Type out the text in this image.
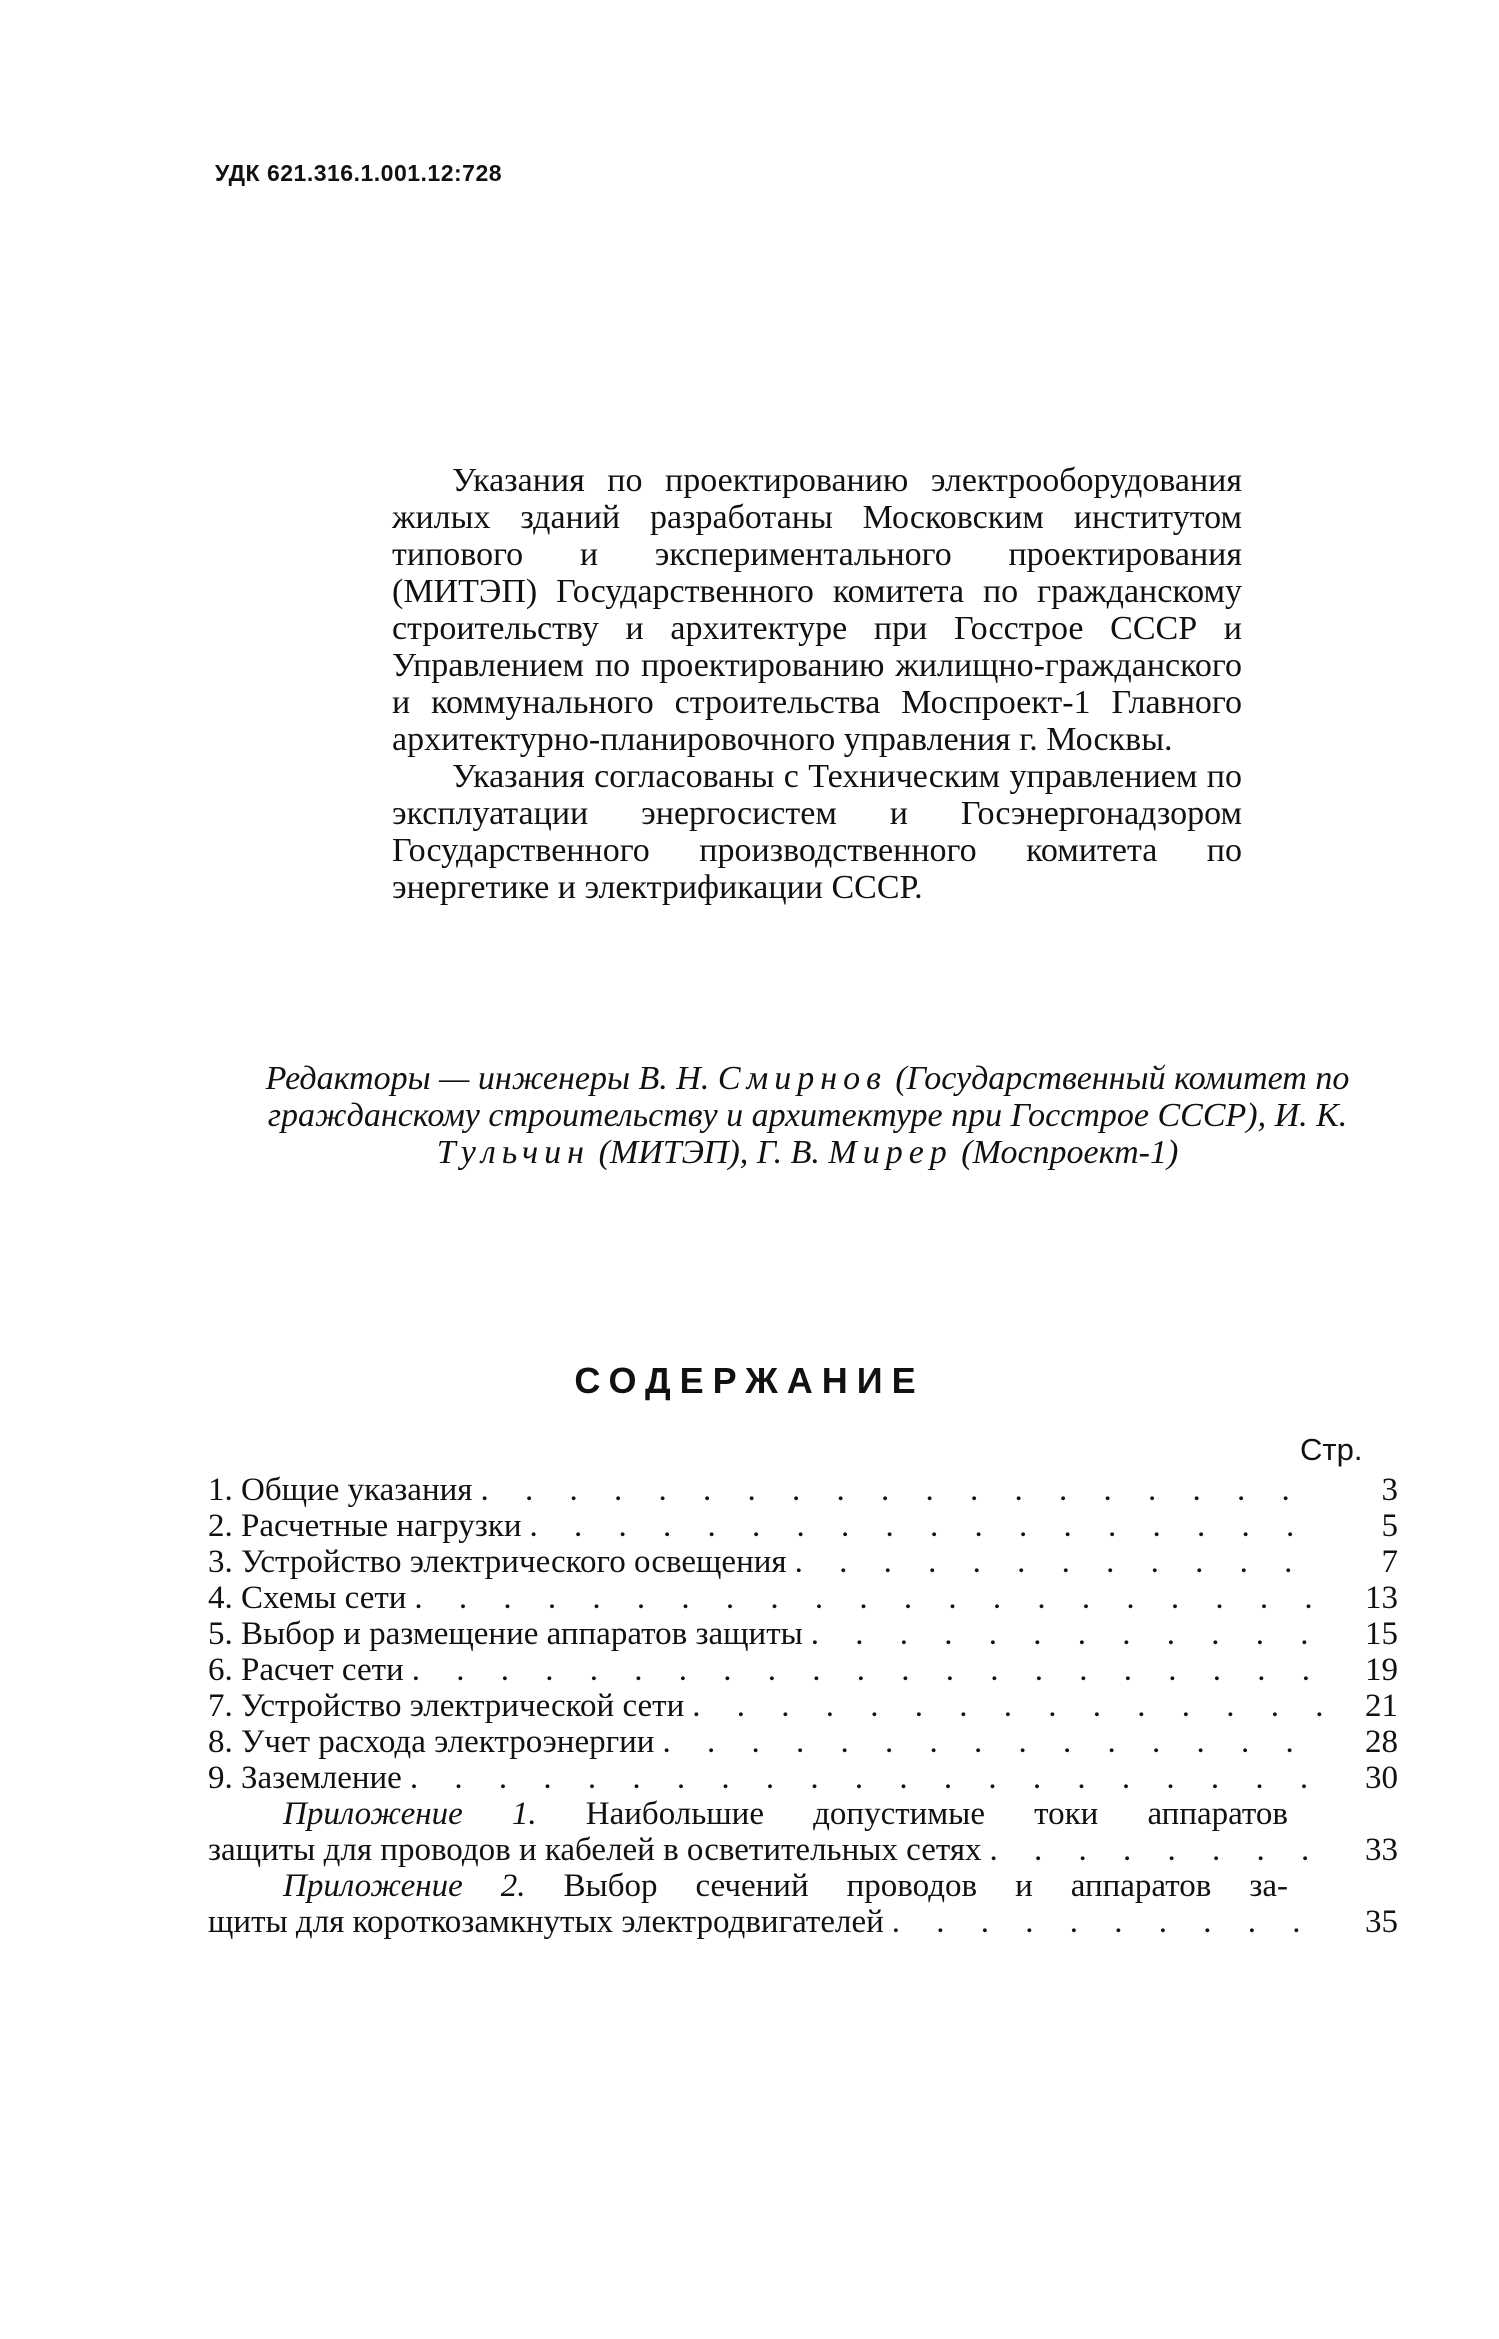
УДК 621.316.1.001.12:728

Указания по проектированию электрооборудования жилых зданий разработаны Московским институтом типового и экспериментального проектирования (МИТЭП) Государственного комитета по гражданскому строительству и архитектуре при Госстрое СССР и Управлением по проектированию жилищно-гражданского и коммунального строительства Моспроект-1 Главного архитектурно-планировочного управления г. Москвы.

Указания согласованы с Техническим управлением по эксплуатации энергосистем и Госэнергонадзором Государственного производственного комитета по энергетике и электрификации СССР.

Редакторы — инженеры В. Н. Смирнов (Государственный комитет по гражданскому строительству и архитектуре при Госстрое СССР), И. К. Тульчин (МИТЭП), Г. В. Мирер (Моспроект-1)
СОДЕРЖАНИЕ
Стр.
1. Общие указания . . .	3
2. Расчетные нагрузки . . .	5
3. Устройство электрического освещения . . .	7
4. Схемы сети . . .	13
5. Выбор и размещение аппаратов защиты . . .	15
6. Расчет сети . . .	19
7. Устройство электрической сети . . .	21
8. Учет расхода электроэнергии . . .	28
9. Заземление . . .	30
Приложение 1. Наибольшие допустимые токи аппаратов
защиты для проводов и кабелей в осветительных сетях . . .	33
Приложение 2. Выбор сечений проводов и аппаратов за-
щиты для короткозамкнутых электродвигателей . . .	35
